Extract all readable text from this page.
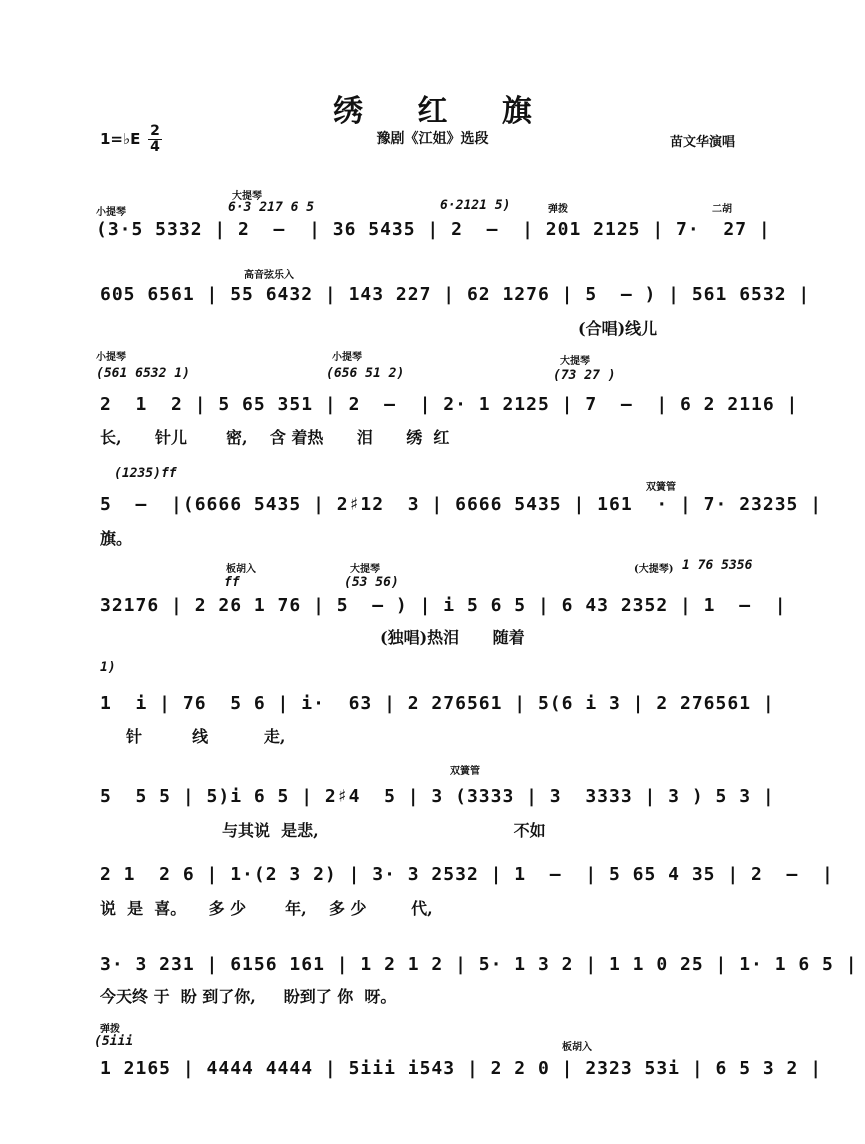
绣 红 旗
1=♭E 2
4	豫剧《江姐》选段	苗文华演唱
大提琴
小提琴	弹拨	二胡
6·3 217 6 5	6·2121 5)
(3·5 5332 | 2  –  | 36 5435 | 2  –  | 201 2125 | 7·  27 |
高音弦乐入
605 6561 | 55 6432 | 143 227 | 62 1276 | 5  – ) | 561 6532 |
(合唱)线儿
小提琴	小提琴	大提琴
(561 6532 1)	(656 51 2)	(73 27 )
2  1  2 | 5 65 351 | 2  –  | 2· 1 2125 | 7  –  | 6 2 2116 |
长,      针儿       密,    含 着热      泪      绣  红
双簧管
(1235)ff
5  –  |(6666 5435 | 2♯12  3 | 6666 5435 | 161  · | 7· 23235 |
旗。
板胡入	大提琴	(大提琴)
ff	(53 56)
1 76 5356
32176 | 2 26 1 76 | 5  – ) | i 5 6 5 | 6 43 2352 | 1  –  |
(独唱)热泪      随着
1)
1  i | 76  5 6 | i·  63 | 2 276561 | 5(6 i 3 | 2 276561 |
针         线          走,
双簧管
5  5 5 | 5)i 6 5 | 2♯4  5 | 3 (3333 | 3  3333 | 3 ) 5 3 |
与其说  是悲,                                   不如
2 1  2 6 | 1·(2 3 2) | 3· 3 2532 | 1  –  | 5 65 4 35 | 2  –  |
说  是  喜。    多 少       年,    多 少        代,
3· 3 231 | 6156 161 | 1 2 1 2 | 5· 1 3 2 | 1 1 0 25 | 1· 1 6 5 |
今天终 于  盼 到了你,     盼到了 你  呀。
弹拨
板胡入
(5iii
1 2165 | 4444 4444 | 5iii i543 | 2 2 0 | 2323 53i | 6 5 3 2 |
